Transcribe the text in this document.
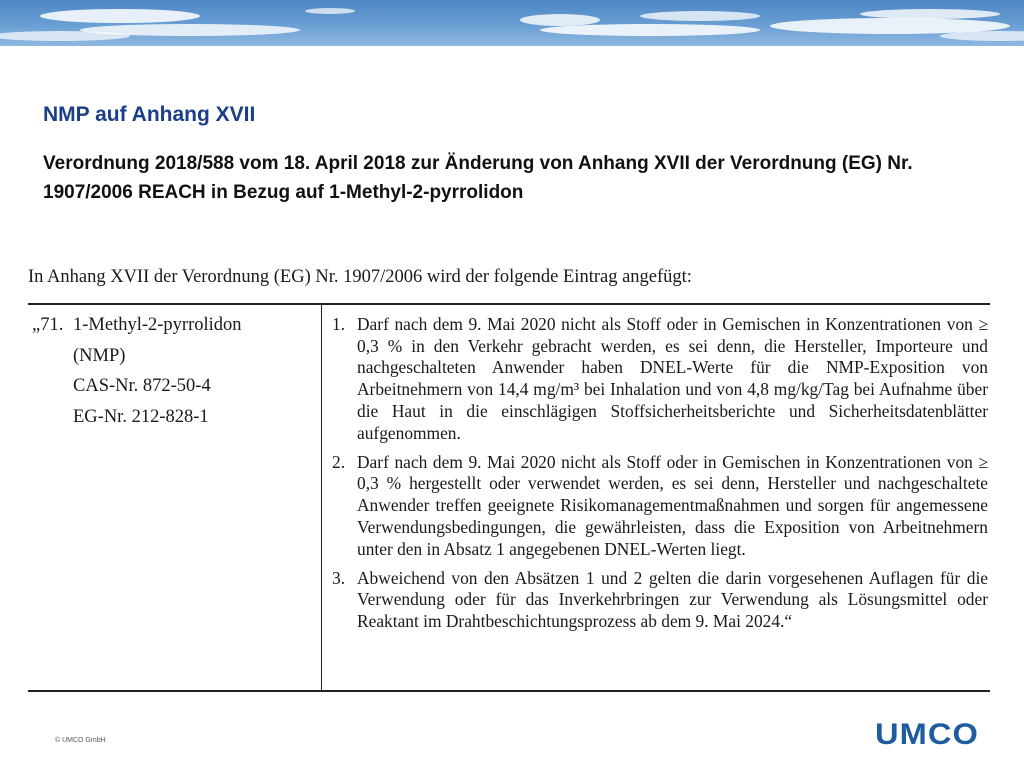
NMP auf Anhang XVII

Verordnung 2018/588 vom 18. April 2018 zur Änderung von Anhang XVII der Verordnung (EG) Nr. 1907/2006 REACH in Bezug auf 1-Methyl-2-pyrrolidon

In Anhang XVII der Verordnung (EG) Nr. 1907/2006 wird der folgende Eintrag angefügt:

„71. 1-Methyl-2-pyrrolidon
(NMP)
CAS-Nr. 872-50-4
EG-Nr. 212-828-1
1. Darf nach dem 9. Mai 2020 nicht als Stoff oder in Gemischen in Konzentrationen von ≥ 0,3 % in den Verkehr gebracht werden, es sei denn, die Hersteller, Importeure und nachgeschalteten Anwender haben DNEL-Werte für die NMP-Exposition von Arbeitnehmern von 14,4 mg/m³ bei Inhalation und von 4,8 mg/kg/Tag bei Aufnahme über die Haut in die einschlägigen Stoffsicherheitsberichte und Sicherheitsdatenblätter aufgenommen.
2. Darf nach dem 9. Mai 2020 nicht als Stoff oder in Gemischen in Konzentrationen von ≥ 0,3 % hergestellt oder verwendet werden, es sei denn, Hersteller und nachgeschaltete Anwender treffen geeignete Risikomanagementmaßnahmen und sorgen für angemessene Verwendungsbedingungen, die gewährleisten, dass die Exposition von Arbeitnehmern unter den in Absatz 1 angegebenen DNEL-Werten liegt.
3. Abweichend von den Absätzen 1 und 2 gelten die darin vorgesehenen Auflagen für die Verwendung oder für das Inverkehrbringen zur Verwendung als Lösungsmittel oder Reaktant im Drahtbeschichtungsprozess ab dem 9. Mai 2024.“

© UMCO GmbH	UMCO
